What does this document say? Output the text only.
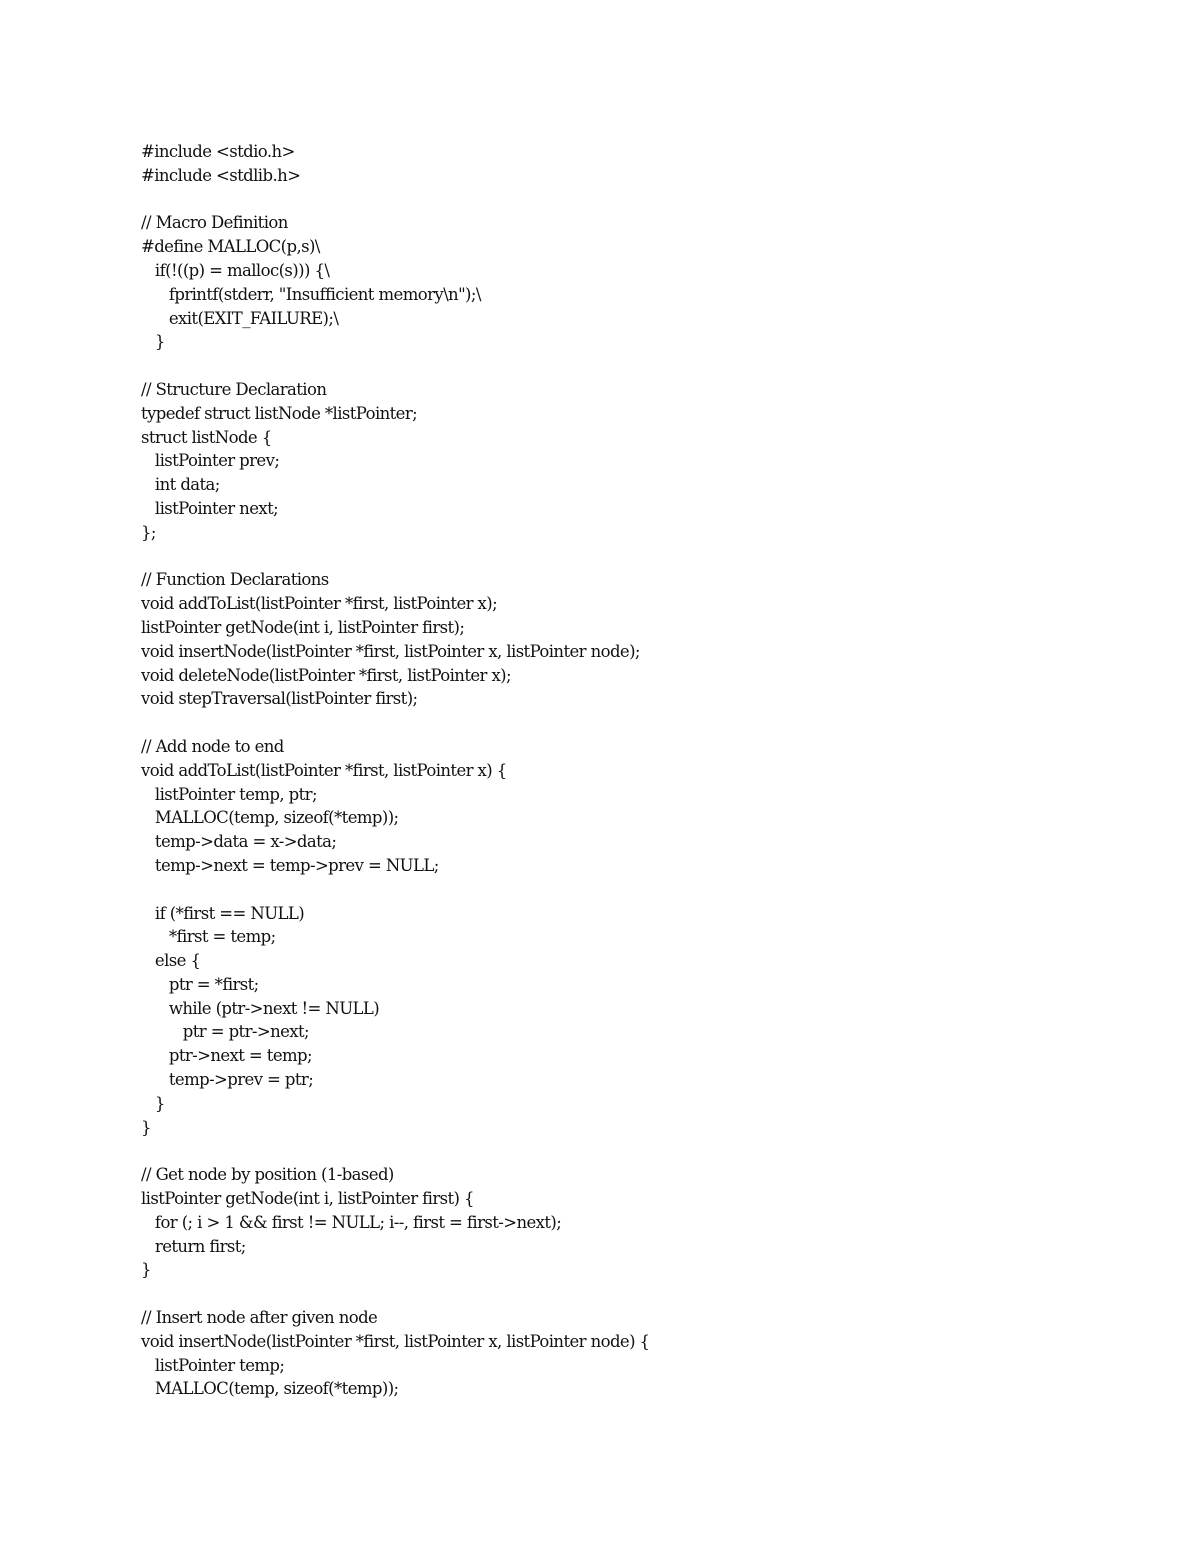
#include <stdio.h>
#include <stdlib.h>
// Macro Definition
#define MALLOC(p,s)\
if(!((p) = malloc(s))) {\
fprintf(stderr, "Insufficient memory\n");\
exit(EXIT_FAILURE);\
}
// Structure Declaration
typedef struct listNode *listPointer;
struct listNode {
listPointer prev;
int data;
listPointer next;
};
// Function Declarations
void addToList(listPointer *first, listPointer x);
listPointer getNode(int i, listPointer first);
void insertNode(listPointer *first, listPointer x, listPointer node);
void deleteNode(listPointer *first, listPointer x);
void stepTraversal(listPointer first);
// Add node to end
void addToList(listPointer *first, listPointer x) {
listPointer temp, ptr;
MALLOC(temp, sizeof(*temp));
temp->data = x->data;
temp->next = temp->prev = NULL;
if (*first == NULL)
*first = temp;
else {
ptr = *first;
while (ptr->next != NULL)
ptr = ptr->next;
ptr->next = temp;
temp->prev = ptr;
}
}
// Get node by position (1-based)
listPointer getNode(int i, listPointer first) {
for (; i > 1 && first != NULL; i--, first = first->next);
return first;
}
// Insert node after given node
void insertNode(listPointer *first, listPointer x, listPointer node) {
listPointer temp;
MALLOC(temp, sizeof(*temp));
